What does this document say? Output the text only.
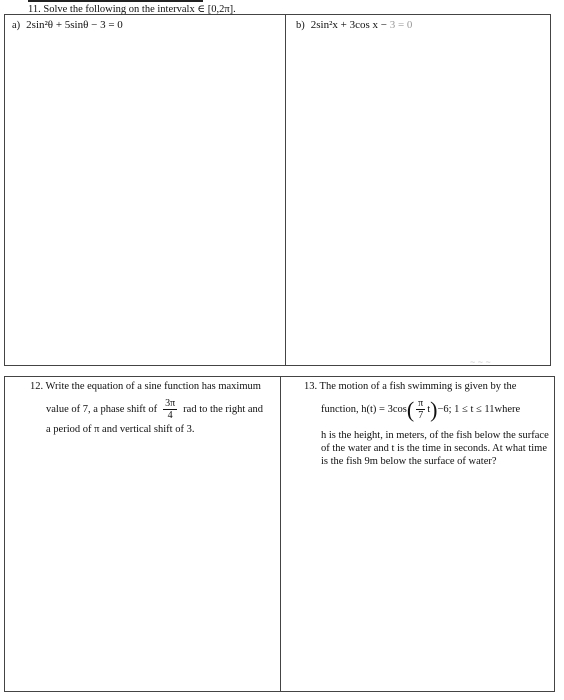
11. Solve the following on the intervalx ∈ [0,2π].
a) 2sin²θ + 5sinθ − 3 = 0	b) 2sin²x + 3cos x − 3 = 0
~ ~ ~
12. Write the equation of a sine function has maximum
value of 7, a phase shift of $\frac{3\pi}{4}$ rad to the right and
a period of π and vertical shift of 3.
13. The motion of a fish swimming is given by the
function, h(t) = 3cos ( $\frac{\pi}{7}$ t ) −6; 1 ≤ t ≤ 11where
h is the height, in meters, of the fish below the surface of the water and t is the time in seconds. At what time is the fish 9m below the surface of water?
